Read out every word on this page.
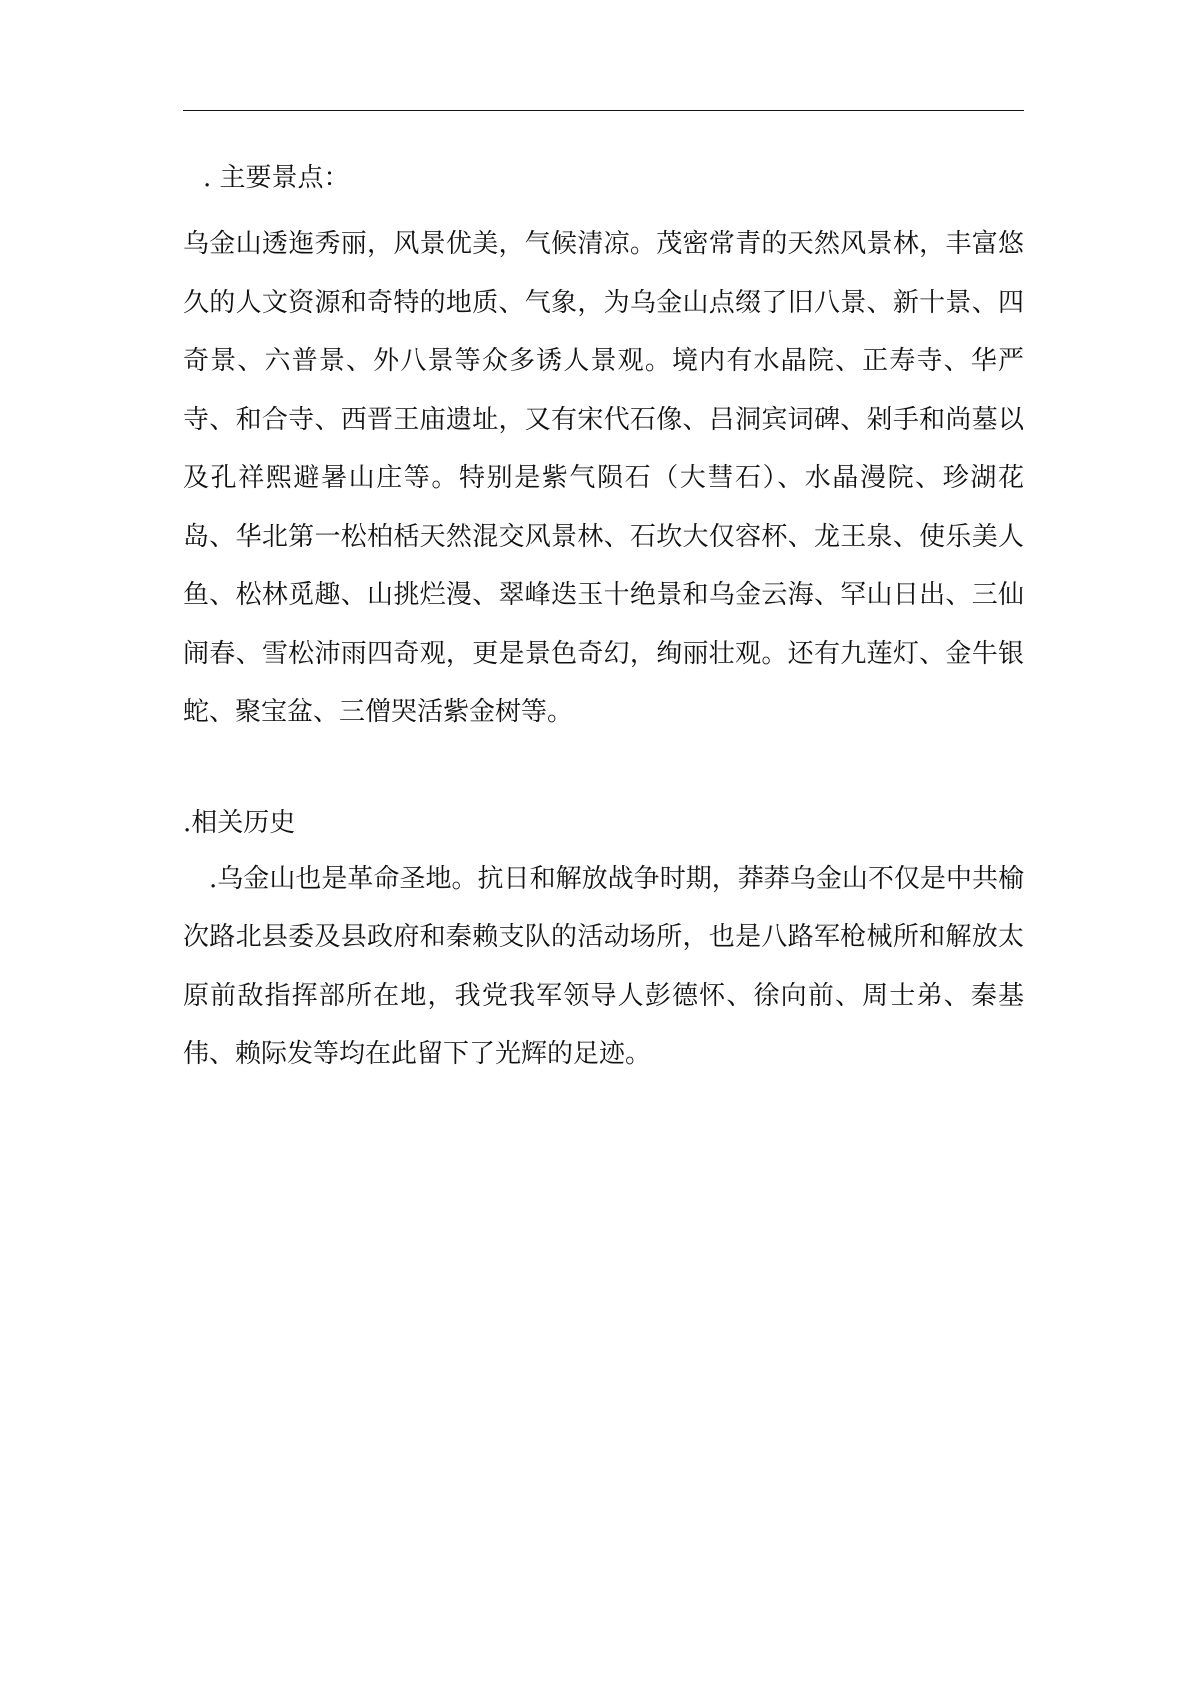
. 主要景点：

乌金山透迤秀丽，风景优美，气候清凉。茂密常青的天然风景林，丰富悠久的人文资源和奇特的地质、气象，为乌金山点缀了旧八景、新十景、四奇景、六普景、外八景等众多诱人景观。境内有水晶院、正寿寺、华严寺、和合寺、西晋王庙遗址，又有宋代石像、吕洞宾词碑、剁手和尚墓以及孔祥熙避暑山庄等。特别是紫气陨石（大彗石）、水晶漫院、珍湖花岛、华北第一松柏栝天然混交风景林、石坎大仅容杯、龙王泉、使乐美人鱼、松林觅趣、山挑烂漫、翠峰迭玉十绝景和乌金云海、罕山日出、三仙闹春、雪松沛雨四奇观，更是景色奇幻，绚丽壮观。还有九莲灯、金牛银蛇、聚宝盆、三僧哭活紫金树等。

.相关历史

.乌金山也是革命圣地。抗日和解放战争时期，莽莽乌金山不仅是中共榆次路北县委及县政府和秦赖支队的活动场所，也是八路军枪械所和解放太原前敌指挥部所在地，我党我军领导人彭德怀、徐向前、周士弟、秦基伟、赖际发等均在此留下了光辉的足迹。
